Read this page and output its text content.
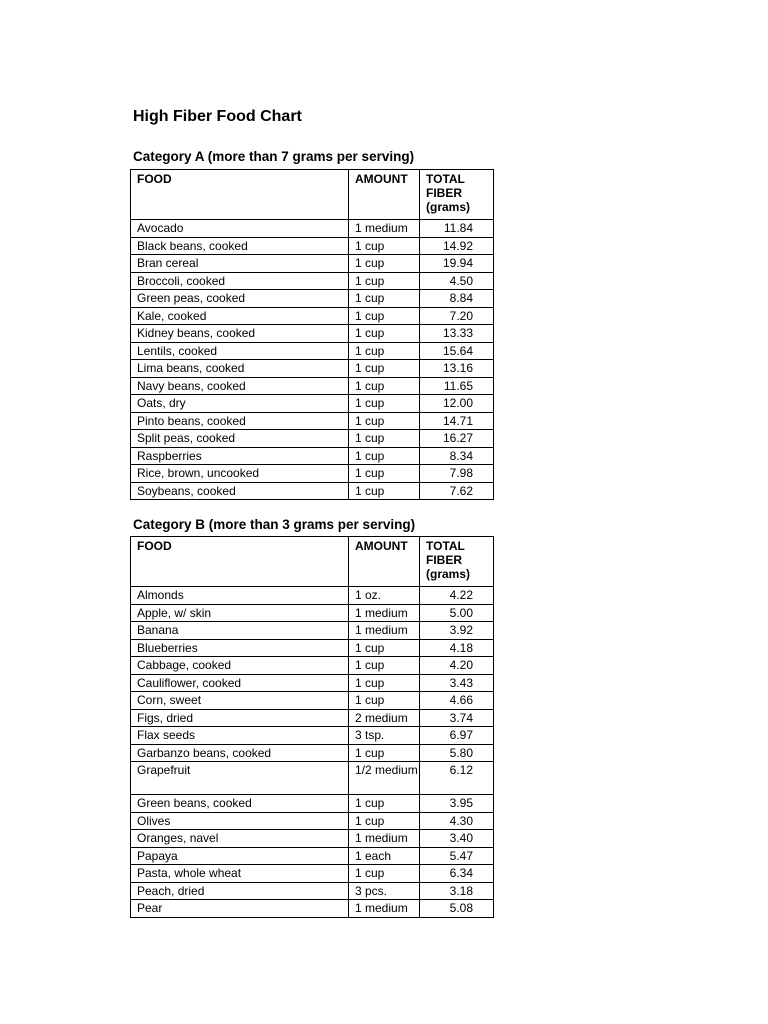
High Fiber Food Chart
Category A (more than 7 grams per serving)
FOOD	AMOUNT	TOTAL FIBER (grams)
Avocado	1 medium	11.84
Black beans, cooked	1 cup	14.92
Bran cereal	1 cup	19.94
Broccoli, cooked	1 cup	4.50
Green peas, cooked	1 cup	8.84
Kale, cooked	1 cup	7.20
Kidney beans, cooked	1 cup	13.33
Lentils, cooked	1 cup	15.64
Lima beans, cooked	1 cup	13.16
Navy beans, cooked	1 cup	11.65
Oats, dry	1 cup	12.00
Pinto beans, cooked	1 cup	14.71
Split peas, cooked	1 cup	16.27
Raspberries	1 cup	8.34
Rice, brown, uncooked	1 cup	7.98
Soybeans, cooked	1 cup	7.62
Category B (more than 3 grams per serving)
FOOD	AMOUNT	TOTAL FIBER (grams)
Almonds	1 oz.	4.22
Apple, w/ skin	1 medium	5.00
Banana	1 medium	3.92
Blueberries	1 cup	4.18
Cabbage, cooked	1 cup	4.20
Cauliflower, cooked	1 cup	3.43
Corn, sweet	1 cup	4.66
Figs, dried	2 medium	3.74
Flax seeds	3 tsp.	6.97
Garbanzo beans, cooked	1 cup	5.80
Grapefruit	1/2 medium	6.12
Green beans, cooked	1 cup	3.95
Olives	1 cup	4.30
Oranges, navel	1 medium	3.40
Papaya	1 each	5.47
Pasta, whole wheat	1 cup	6.34
Peach, dried	3 pcs.	3.18
Pear	1 medium	5.08
